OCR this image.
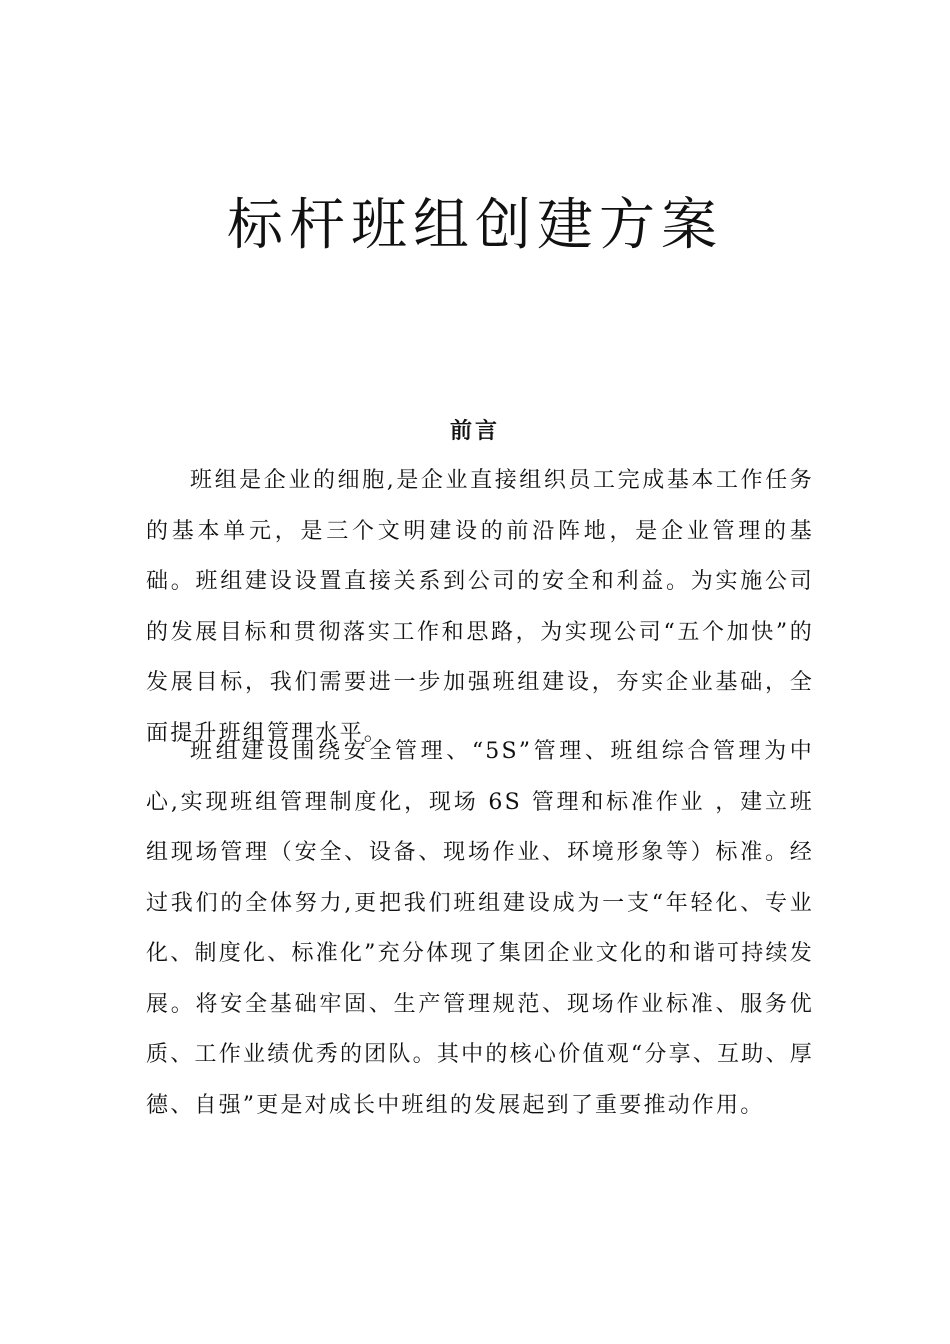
标杆班组创建方案
前言

班组是企业的细胞,是企业直接组织员工完成基本工作任务的基本单元，是三个文明建设的前沿阵地，是企业管理的基础。班组建设设置直接关系到公司的安全和利益。为实施公司的发展目标和贯彻落实工作和思路，为实现公司“五个加快”的发展目标，我们需要进一步加强班组建设，夯实企业基础，全面提升班组管理水平。

班组建设围绕安全管理、“5S”管理、班组综合管理为中心,实现班组管理制度化，现场 6S 管理和标准作业 ，建立班组现场管理（安全、设备、现场作业、环境形象等）标准。经过我们的全体努力,更把我们班组建设成为一支“年轻化、专业化、制度化、标准化”充分体现了集团企业文化的和谐可持续发展。将安全基础牢固、生产管理规范、现场作业标准、服务优质、工作业绩优秀的团队。其中的核心价值观“分享、互助、厚德、自强”更是对成长中班组的发展起到了重要推动作用。
